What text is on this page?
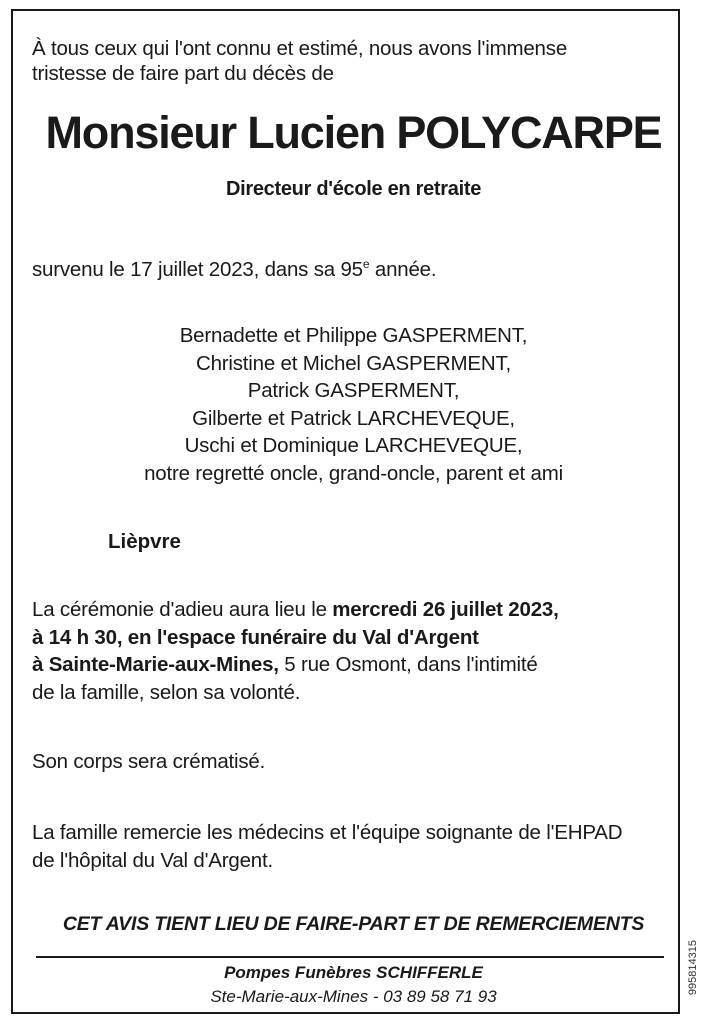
À tous ceux qui l'ont connu et estimé, nous avons l'immense
tristesse de faire part du décès de
Monsieur Lucien POLYCARPE
Directeur d'école en retraite
survenu le 17 juillet 2023, dans sa 95e année.
Bernadette et Philippe GASPERMENT,
Christine et Michel GASPERMENT,
Patrick GASPERMENT,
Gilberte et Patrick LARCHEVEQUE,
Uschi et Dominique LARCHEVEQUE,
notre regretté oncle, grand-oncle, parent et ami
Lièpvre
La cérémonie d'adieu aura lieu le mercredi 26 juillet 2023,
à 14 h 30, en l'espace funéraire du Val d'Argent
à Sainte-Marie-aux-Mines, 5 rue Osmont, dans l'intimité
de la famille, selon sa volonté.
Son corps sera crématisé.
La famille remercie les médecins et l'équipe soignante de l'EHPAD
de l'hôpital du Val d'Argent.
CET AVIS TIENT LIEU DE FAIRE-PART ET DE REMERCIEMENTS
Pompes Funèbres SCHIFFERLE
Ste-Marie-aux-Mines - 03 89 58 71 93
995814315
